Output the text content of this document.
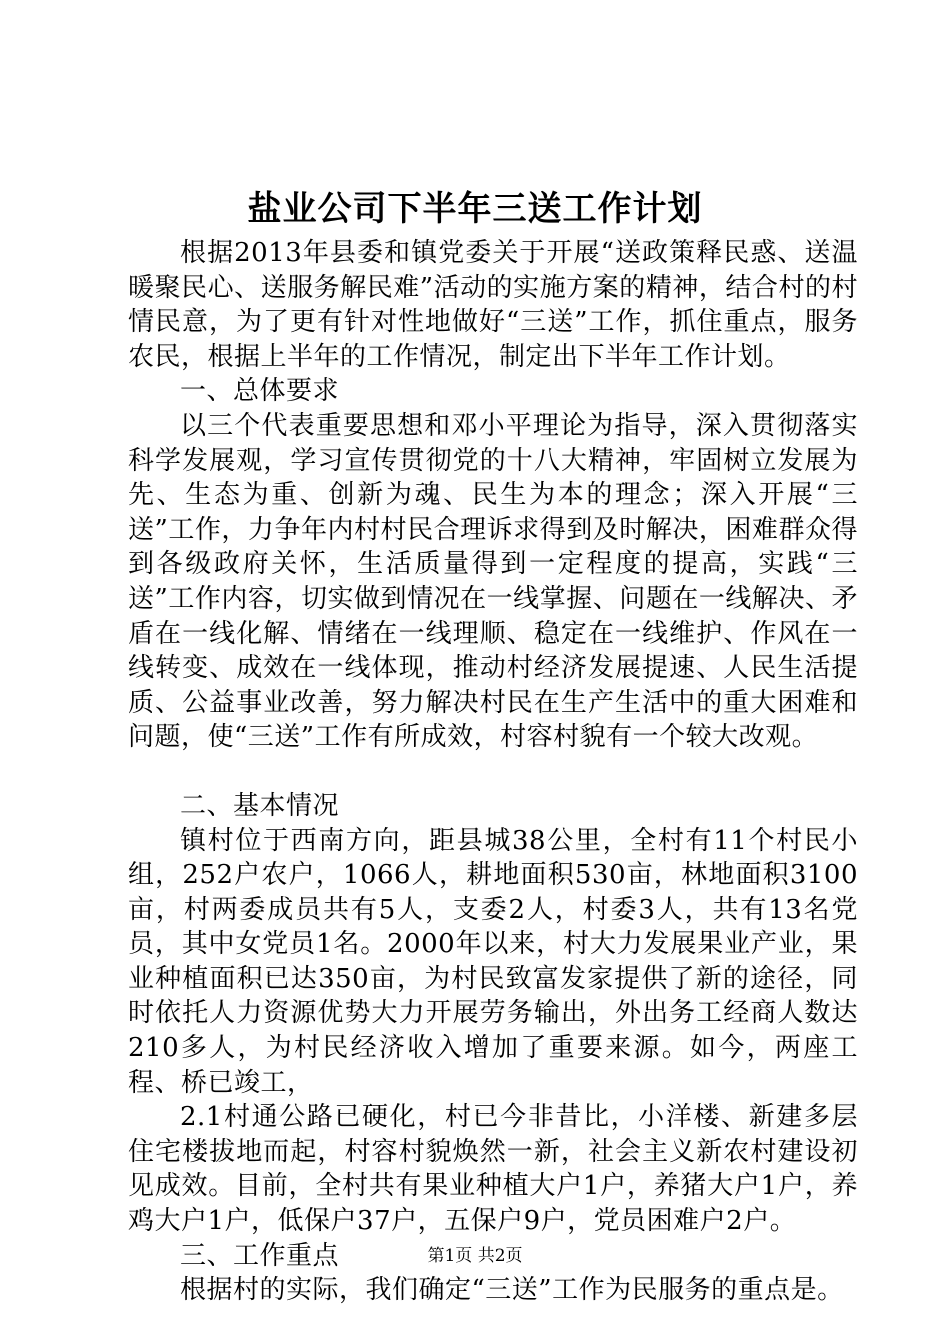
盐业公司下半年三送工作计划

根据2013年县委和镇党委关于开展“送政策释民惑、送温暖聚民心、送服务解民难”活动的实施方案的精神，结合村的村情民意，为了更有针对性地做好“三送”工作，抓住重点，服务农民，根据上半年的工作情况，制定出下半年工作计划。

一、总体要求

以三个代表重要思想和邓小平理论为指导，深入贯彻落实科学发展观，学习宣传贯彻党的十八大精神，牢固树立发展为先、生态为重、创新为魂、民生为本的理念；深入开展“三送”工作，力争年内村村民合理诉求得到及时解决，困难群众得到各级政府关怀，生活质量得到一定程度的提高，实践“三送”工作内容，切实做到情况在一线掌握、问题在一线解决、矛盾在一线化解、情绪在一线理顺、稳定在一线维护、作风在一线转变、成效在一线体现，推动村经济发展提速、人民生活提质、公益事业改善，努力解决村民在生产生活中的重大困难和问题，使“三送”工作有所成效，村容村貌有一个较大改观。

二、基本情况

镇村位于西南方向，距县城38公里，全村有11个村民小组，252户农户，1066人，耕地面积530亩，林地面积3100亩，村两委成员共有5人，支委2人，村委3人，共有13名党员，其中女党员1名。2000年以来，村大力发展果业产业，果业种植面积已达350亩，为村民致富发家提供了新的途径，同时依托人力资源优势大力开展劳务输出，外出务工经商人数达210多人，为村民经济收入增加了重要来源。如今，两座工程、桥已竣工，

2.1村通公路已硬化，村已今非昔比，小洋楼、新建多层住宅楼拔地而起，村容村貌焕然一新，社会主义新农村建设初见成效。目前，全村共有果业种植大户1户，养猪大户1户，养鸡大户1户，低保户37户，五保户9户，党员困难户2户。

三、工作重点

根据村的实际，我们确定“三送”工作为民服务的重点是。

第1页 共2页
